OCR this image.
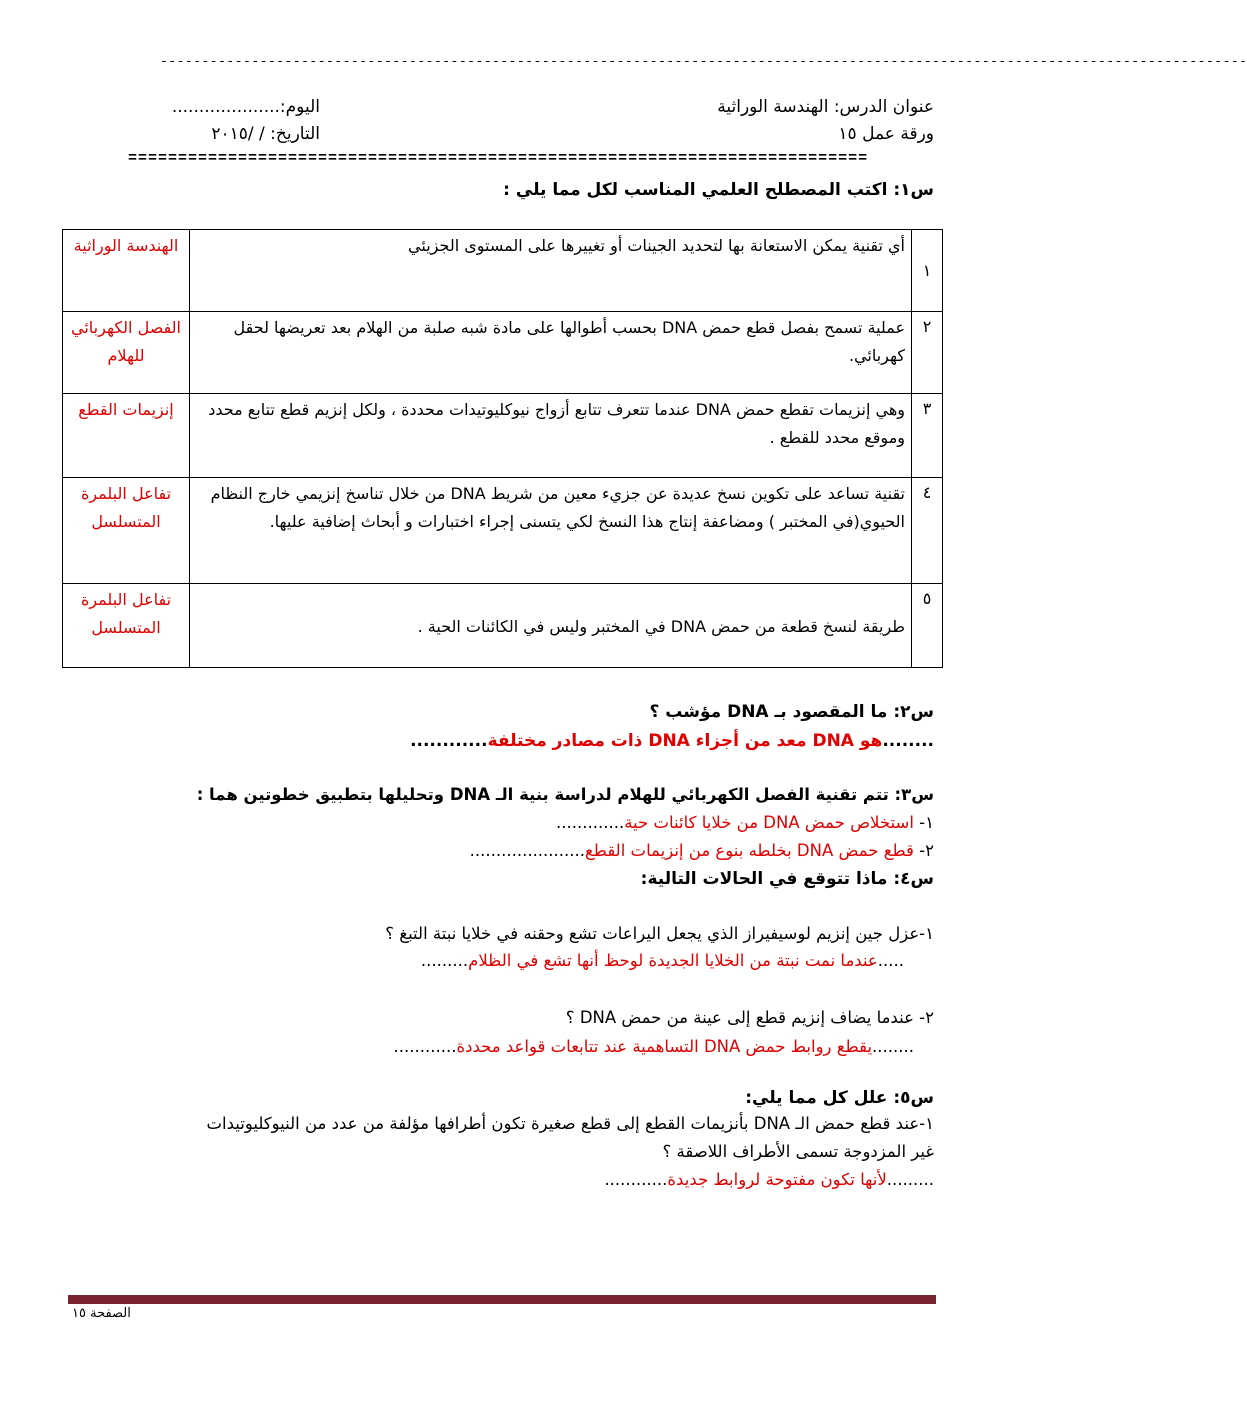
-----------------------------------------------------------------------------------------------------------------------------------
عنوان الدرس: الهندسة الوراثية
ورقة عمل ١٥
اليوم:....................
التاريخ: / /٢٠١٥
==========================================================================
س١: اكتب المصطلح العلمي المناسب لكل مما يلي :
١	أي تقنية يمكن الاستعانة بها لتحديد الجينات أو تغييرها على المستوى الجزيئي	الهندسة الوراثية
٢	عملية تسمح بفصل قطع حمض DNA بحسب أطوالها على مادة شبه صلبة من الهلام بعد تعريضها لحقل كهربائي.	الفصل الكهربائي للهلام
٣	وهي إنزيمات تقطع حمض DNA عندما تتعرف تتابع أزواج نيوكليوتيدات محددة ، ولكل إنزيم قطع تتابع محدد وموقع محدد للقطع .	إنزيمات القطع
٤	تقنية تساعد على تكوين نسخ عديدة عن جزيء معين من شريط DNA من خلال تناسخ إنزيمي خارج النظام الحيوي(في المختبر ) ومضاعفة إنتاج هذا النسخ لكي يتسنى إجراء اختبارات و أبحاث إضافية عليها.	تفاعل البلمرة المتسلسل
٥	طريقة لنسخ قطعة من حمض DNA في المختبر وليس في الكائنات الحية .	تفاعل البلمرة المتسلسل
س٢: ما المقصود بـ DNA مؤشب ؟
........هو DNA معد من أجزاء DNA ذات مصادر مختلفة............
س٣: تتم تقنية الفصل الكهربائي للهلام لدراسة بنية الـ DNA وتحليلها بتطبيق خطوتين هما :
١- استخلاص حمض DNA من خلايا كائنات حية.............
٢- قطع حمض DNA بخلطه بنوع من إنزيمات القطع......................
س٤: ماذا تتوقع في الحالات التالية:
١-عزل جين إنزيم لوسيفيراز الذي يجعل اليراعات تشع وحقنه في خلايا نبتة التبغ ؟
.....عندما نمت نبتة من الخلايا الجديدة لوحظ أنها تشع في الظلام.........
٢- عندما يضاف إنزيم قطع إلى عينة من حمض DNA ؟
........يقطع روابط حمض DNA التساهمية عند تتابعات قواعد محددة............
س٥: علل كل مما يلي:
١-عند قطع حمض الـ DNA بأنزيمات القطع إلى قطع صغيرة تكون أطرافها مؤلفة من عدد من النيوكليوتيدات
غير المزدوجة تسمى الأطراف اللاصقة ؟
.........لأنها تكون مفتوحة لروابط جديدة............
الصفحة ١٥
